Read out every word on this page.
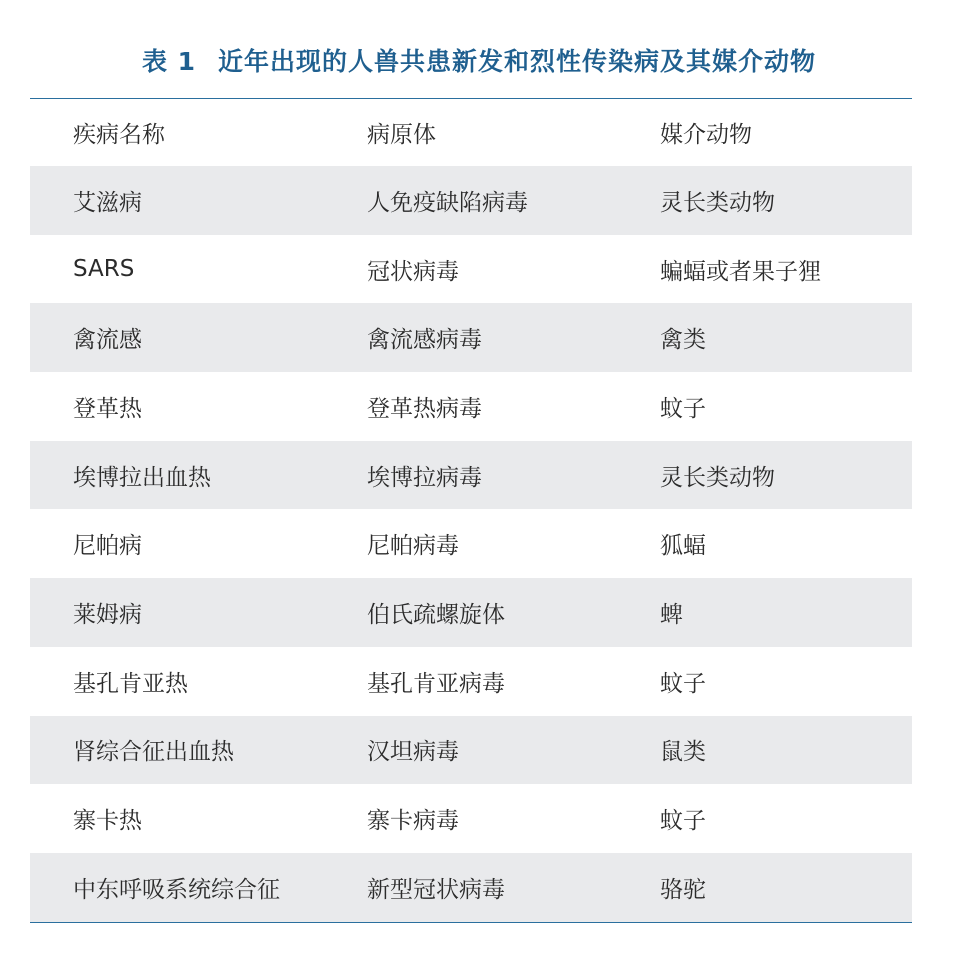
表 1 近年出现的人兽共患新发和烈性传染病及其媒介动物
疾病名称	病原体	媒介动物
艾滋病	人免疫缺陷病毒	灵长类动物
SARS	冠状病毒	蝙蝠或者果子狸
禽流感	禽流感病毒	禽类
登革热	登革热病毒	蚊子
埃博拉出血热	埃博拉病毒	灵长类动物
尼帕病	尼帕病毒	狐蝠
莱姆病	伯氏疏螺旋体	蜱
基孔肯亚热	基孔肯亚病毒	蚊子
肾综合征出血热	汉坦病毒	鼠类
寨卡热	寨卡病毒	蚊子
中东呼吸系统综合征	新型冠状病毒	骆驼
